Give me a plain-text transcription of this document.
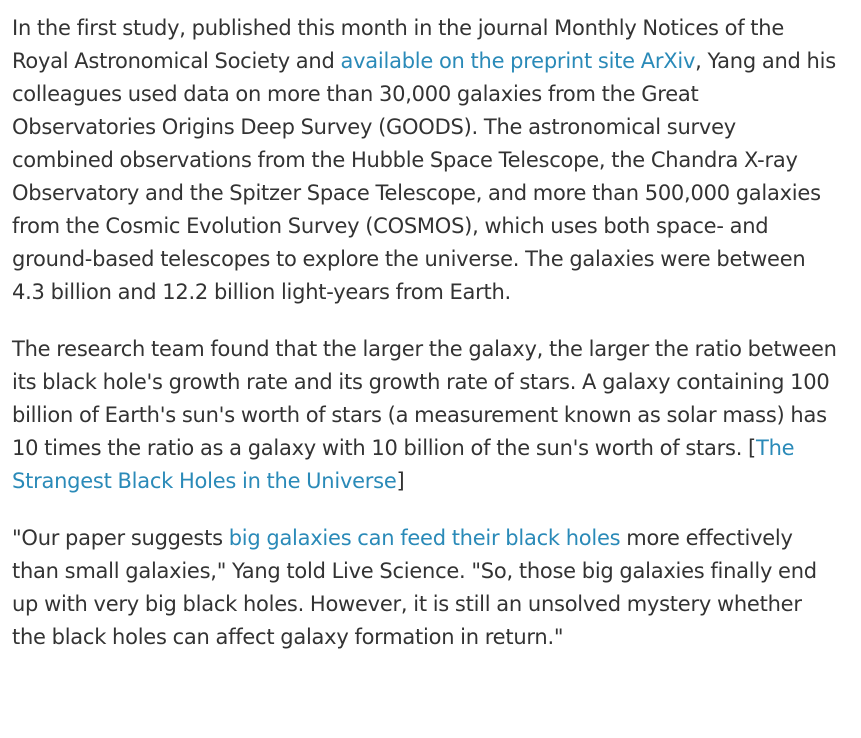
In the first study, published this month in the journal Monthly Notices of the Royal Astronomical Society and available on the preprint site ArXiv, Yang and his colleagues used data on more than 30,000 galaxies from the Great Observatories Origins Deep Survey (GOODS). The astronomical survey combined observations from the Hubble Space Telescope, the Chandra X-ray Observatory and the Spitzer Space Telescope, and more than 500,000 galaxies from the Cosmic Evolution Survey (COSMOS), which uses both space- and ground-based telescopes to explore the universe. The galaxies were between 4.3 billion and 12.2 billion light-years from Earth.

The research team found that the larger the galaxy, the larger the ratio between its black hole's growth rate and its growth rate of stars. A galaxy containing 100 billion of Earth's sun's worth of stars (a measurement known as solar mass) has 10 times the ratio as a galaxy with 10 billion of the sun's worth of stars. [The Strangest Black Holes in the Universe]

"Our paper suggests big galaxies can feed their black holes more effectively than small galaxies," Yang told Live Science. "So, those big galaxies finally end up with very big black holes. However, it is still an unsolved mystery whether the black holes can affect galaxy formation in return."
